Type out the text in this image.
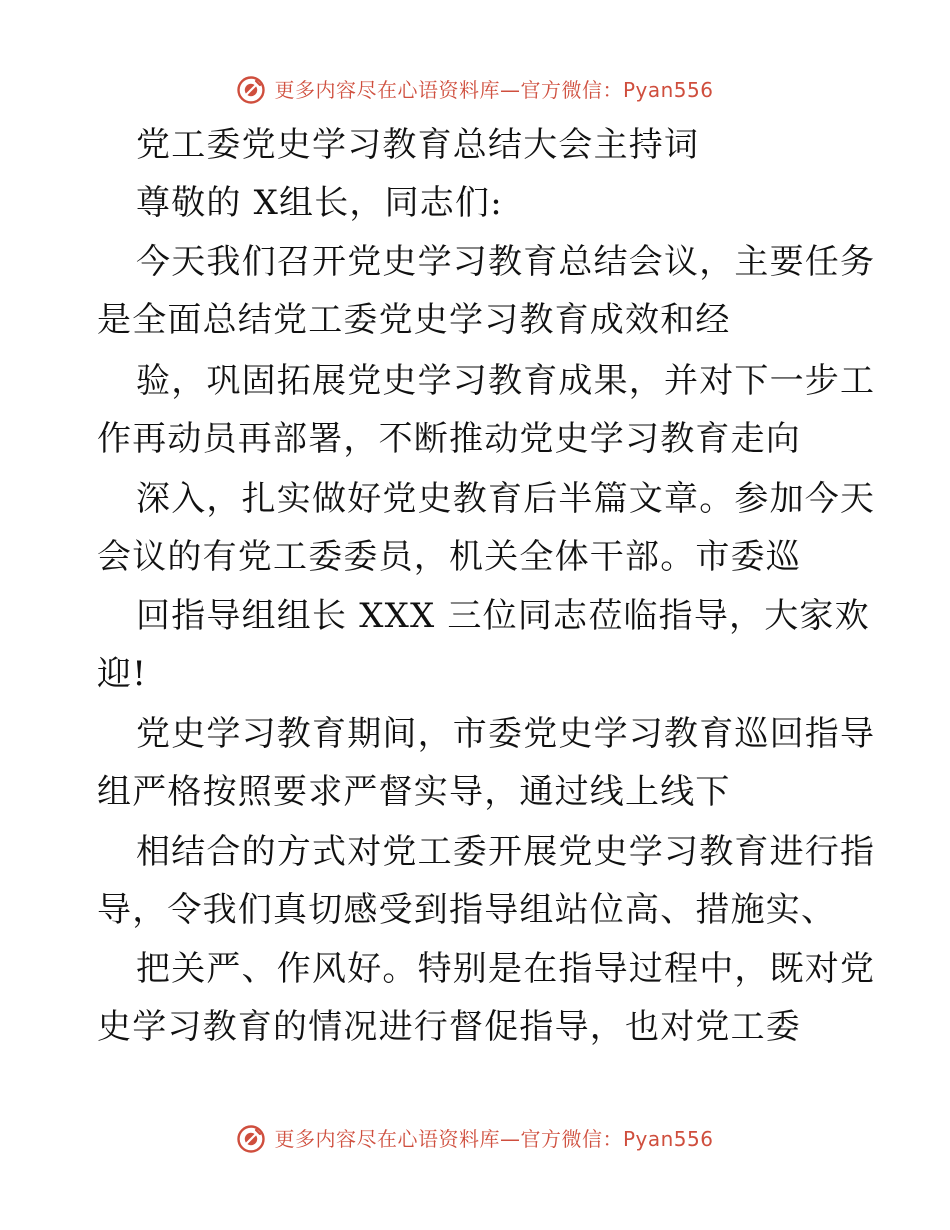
更多内容尽在心语资料库—官方微信：Pyan556
党工委党史学习教育总结大会主持词
尊敬的 X组长，同志们:
今天我们召开党史学习教育总结会议，主要任务
是全面总结党工委党史学习教育成效和经
验，巩固拓展党史学习教育成果，并对下一步工
作再动员再部署，不断推动党史学习教育走向
深入，扎实做好党史教育后半篇文章。参加今天
会议的有党工委委员，机关全体干部。市委巡
回指导组组长 XXX 三位同志莅临指导，大家欢
迎!
党史学习教育期间，市委党史学习教育巡回指导
组严格按照要求严督实导，通过线上线下
相结合的方式对党工委开展党史学习教育进行指
导，令我们真切感受到指导组站位高、措施实、
把关严、作风好。特别是在指导过程中，既对党
史学习教育的情况进行督促指导，也对党工委
更多内容尽在心语资料库—官方微信：Pyan556
